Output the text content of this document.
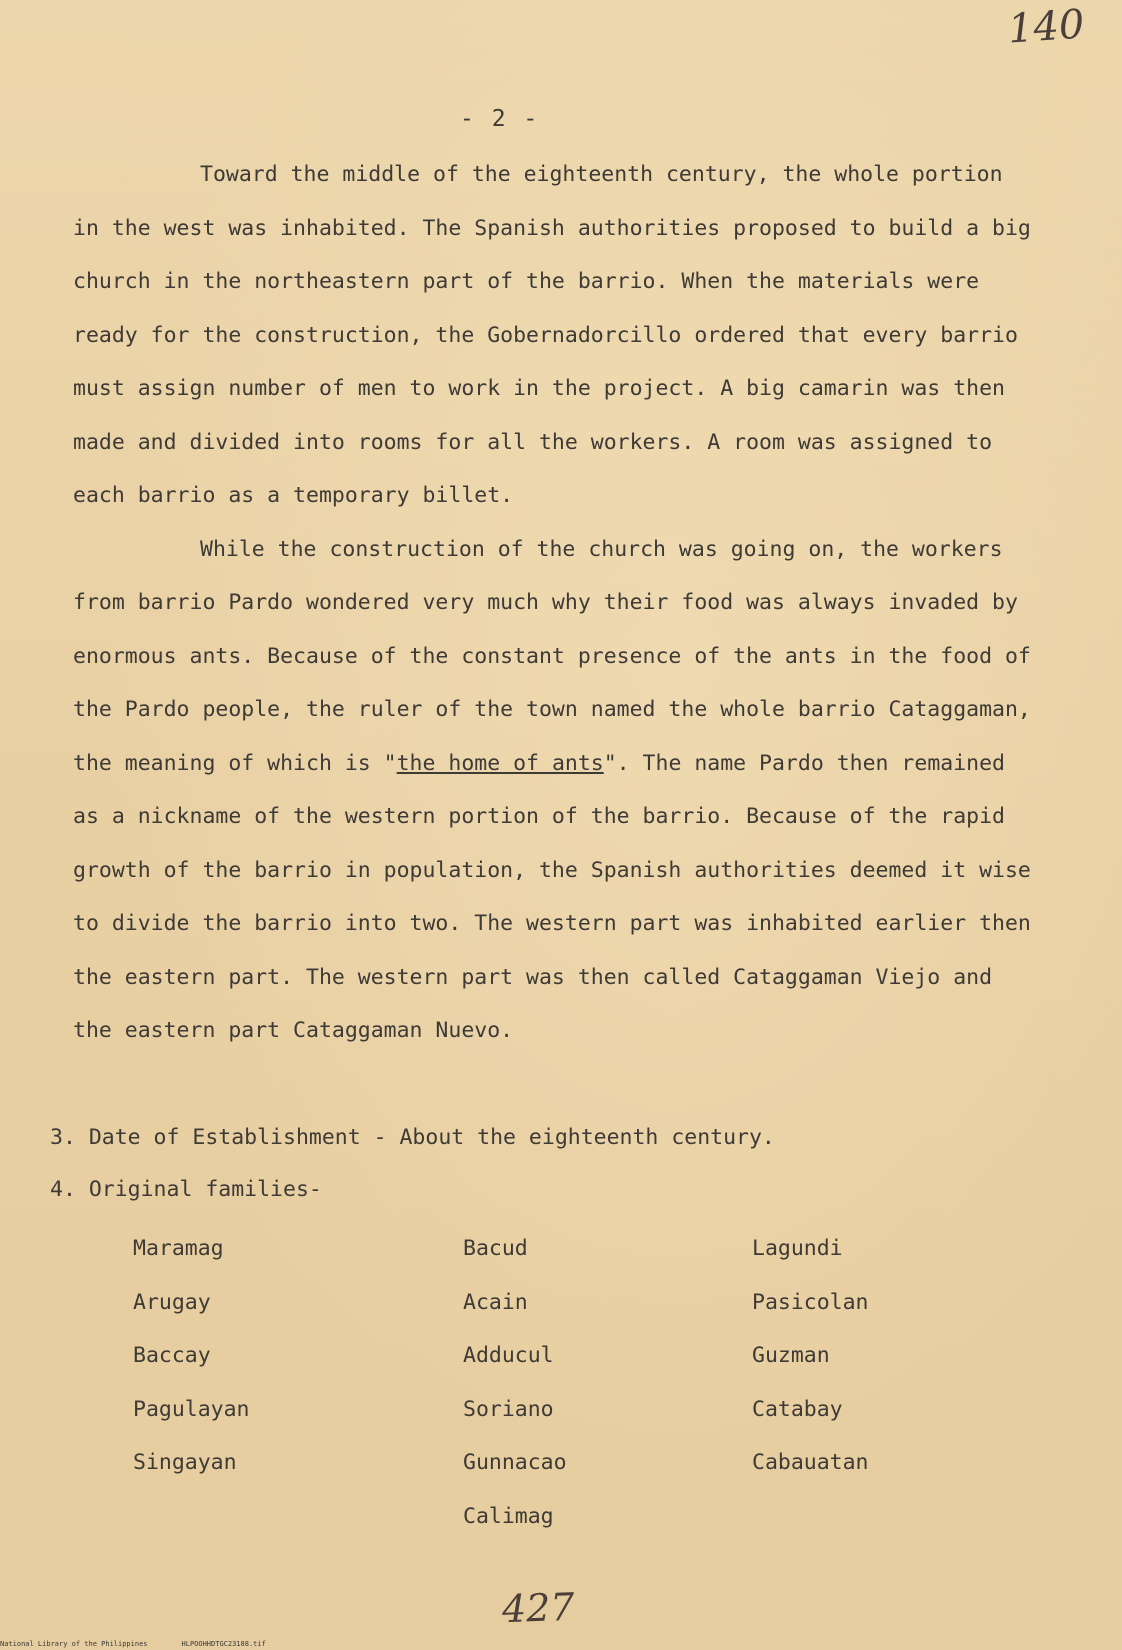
140
- 2 -

Toward the middle of the eighteenth century, the whole portion in the west was inhabited. The Spanish authorities proposed to build a big church in the northeastern part of the barrio. When the materials were ready for the construction, the Gobernadorcillo ordered that every barrio must assign number of men to work in the project. A big camarin was then made and divided into rooms for all the workers. A room was assigned to each barrio as a temporary billet.

While the construction of the church was going on, the workers from barrio Pardo wondered very much why their food was always invaded by enormous ants. Because of the constant presence of the ants in the food of the Pardo people, the ruler of the town named the whole barrio Cataggaman, the meaning of which is "the home of ants". The name Pardo then remained as a nickname of the western portion of the barrio. Because of the rapid growth of the barrio in population, the Spanish authorities deemed it wise to divide the barrio into two. The western part was inhabited earlier then the eastern part. The western part was then called Cataggaman Viejo and the eastern part Cataggaman Nuevo.

3. Date of Establishment - About the eighteenth century.
4. Original families-
Maramag
Arugay
Baccay
Pagulayan
Singayan
Bacud
Acain
Adducul
Soriano
Gunnacao
Calimag
Lagundi
Pasicolan
Guzman
Catabay
Cabauatan
427
National Library of the Philippines	HLPOOHHDTGC23188.tif
